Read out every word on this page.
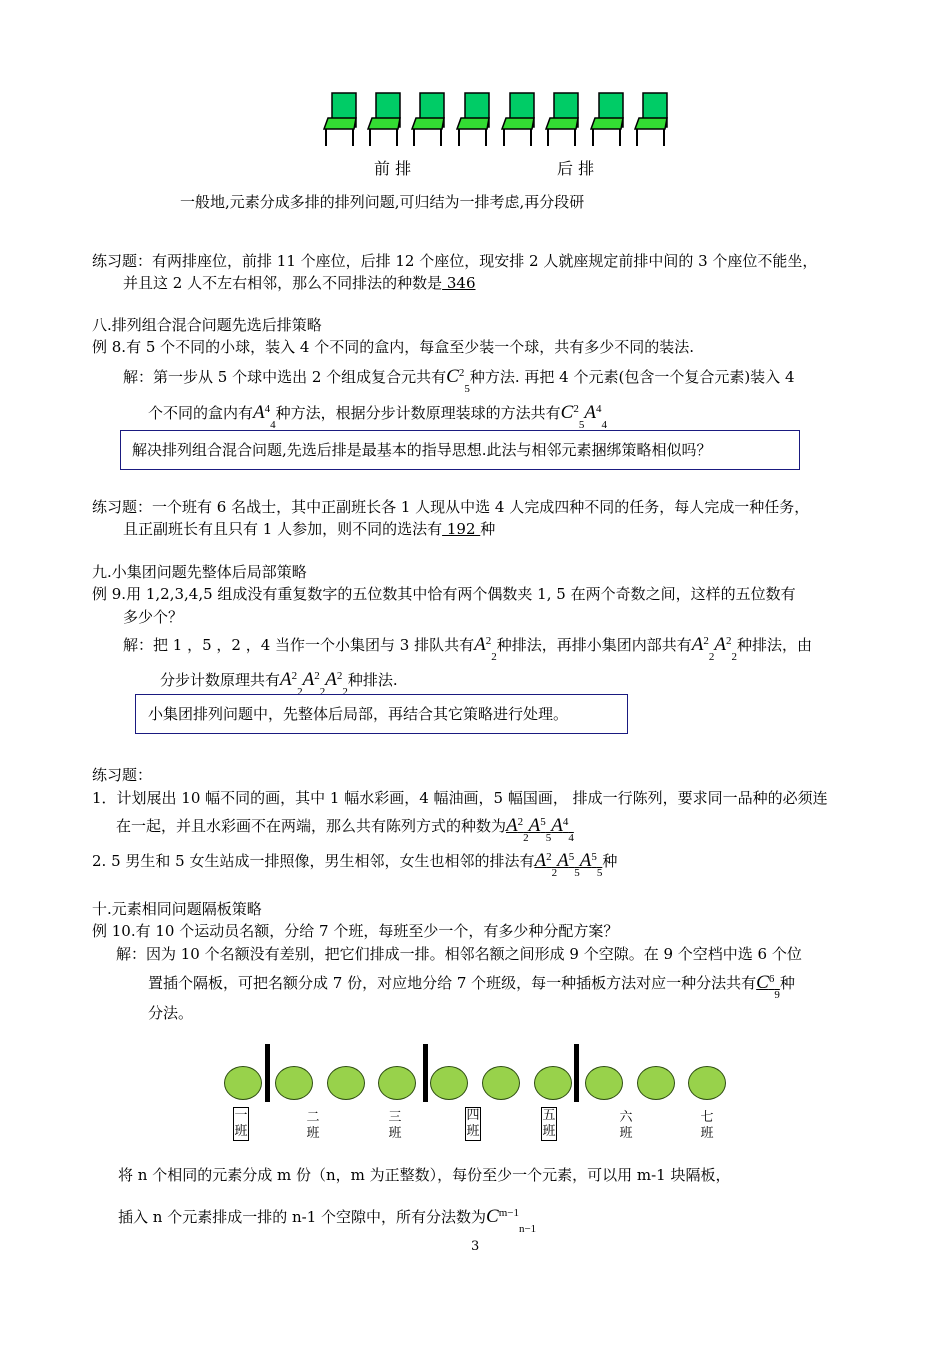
前 排	后 排
一般地,元素分成多排的排列问题,可归结为一排考虑,再分段研
练习题：有两排座位，前排 11 个座位，后排 12 个座位，现安排 2 人就座规定前排中间的 3 个座位不能坐，
并且这 2 人不左右相邻，那么不同排法的种数是 346
八.排列组合混合问题先选后排策略
例 8.有 5 个不同的小球，装入 4 个不同的盒内，每盒至少装一个球，共有多少不同的装法.
解：第一步从 5 个球中选出 2 个组成复合元共有$C^2_5$种方法. 再把 4 个元素(包含一个复合元素)装入 4
个不同的盒内有$A^4_4$种方法，根据分步计数原理装球的方法共有$C^2_5A^4_4$
解决排列组合混合问题,先选后排是最基本的指导思想.此法与相邻元素捆绑策略相似吗？
练习题：一个班有 6 名战士，其中正副班长各 1 人现从中选 4 人完成四种不同的任务，每人完成一种任务，
且正副班长有且只有 1 人参加，则不同的选法有 192 种
九.小集团问题先整体后局部策略
例 9.用 1,2,3,4,5 组成没有重复数字的五位数其中恰有两个偶数夹 1, 5 在两个奇数之间，这样的五位数有
多少个？
解：把 1 ，5 ，2 ，4 当作一个小集团与 3 排队共有$A^2_2$种排法，再排小集团内部共有$A^2_2A^2_2$种排法，由
分步计数原理共有$A^2_2A^2_2A^2_2$种排法.
小集团排列问题中，先整体后局部，再结合其它策略进行处理。
练习题：
1．计划展出 10 幅不同的画，其中 1 幅水彩画，4 幅油画，5 幅国画， 排成一行陈列，要求同一品种的必须连
在一起，并且水彩画不在两端，那么共有陈列方式的种数为$A^2_2A^5_5A^4_4$
2. 5 男生和 5 女生站成一排照像，男生相邻，女生也相邻的排法有$A^2_2A^5_5A^5_5$种
十.元素相同问题隔板策略
例 10.有 10 个运动员名额，分给 7 个班，每班至少一个，有多少种分配方案？
解：因为 10 个名额没有差别，把它们排成一排。相邻名额之间形成 9 个空隙。在 9 个空档中选 6 个位
置插个隔板，可把名额分成 7 份，对应地分给 7 个班级，每一种插板方法对应一种分法共有$C^6_9$种
分法。
一班
二班
三班
四班
五班
六班
七班
将 n 个相同的元素分成 m 份（n，m 为正整数），每份至少一个元素，可以用 m-1 块隔板，
插入 n 个元素排成一排的 n-1 个空隙中，所有分法数为$C^{m-1}_{n-1}$
3
